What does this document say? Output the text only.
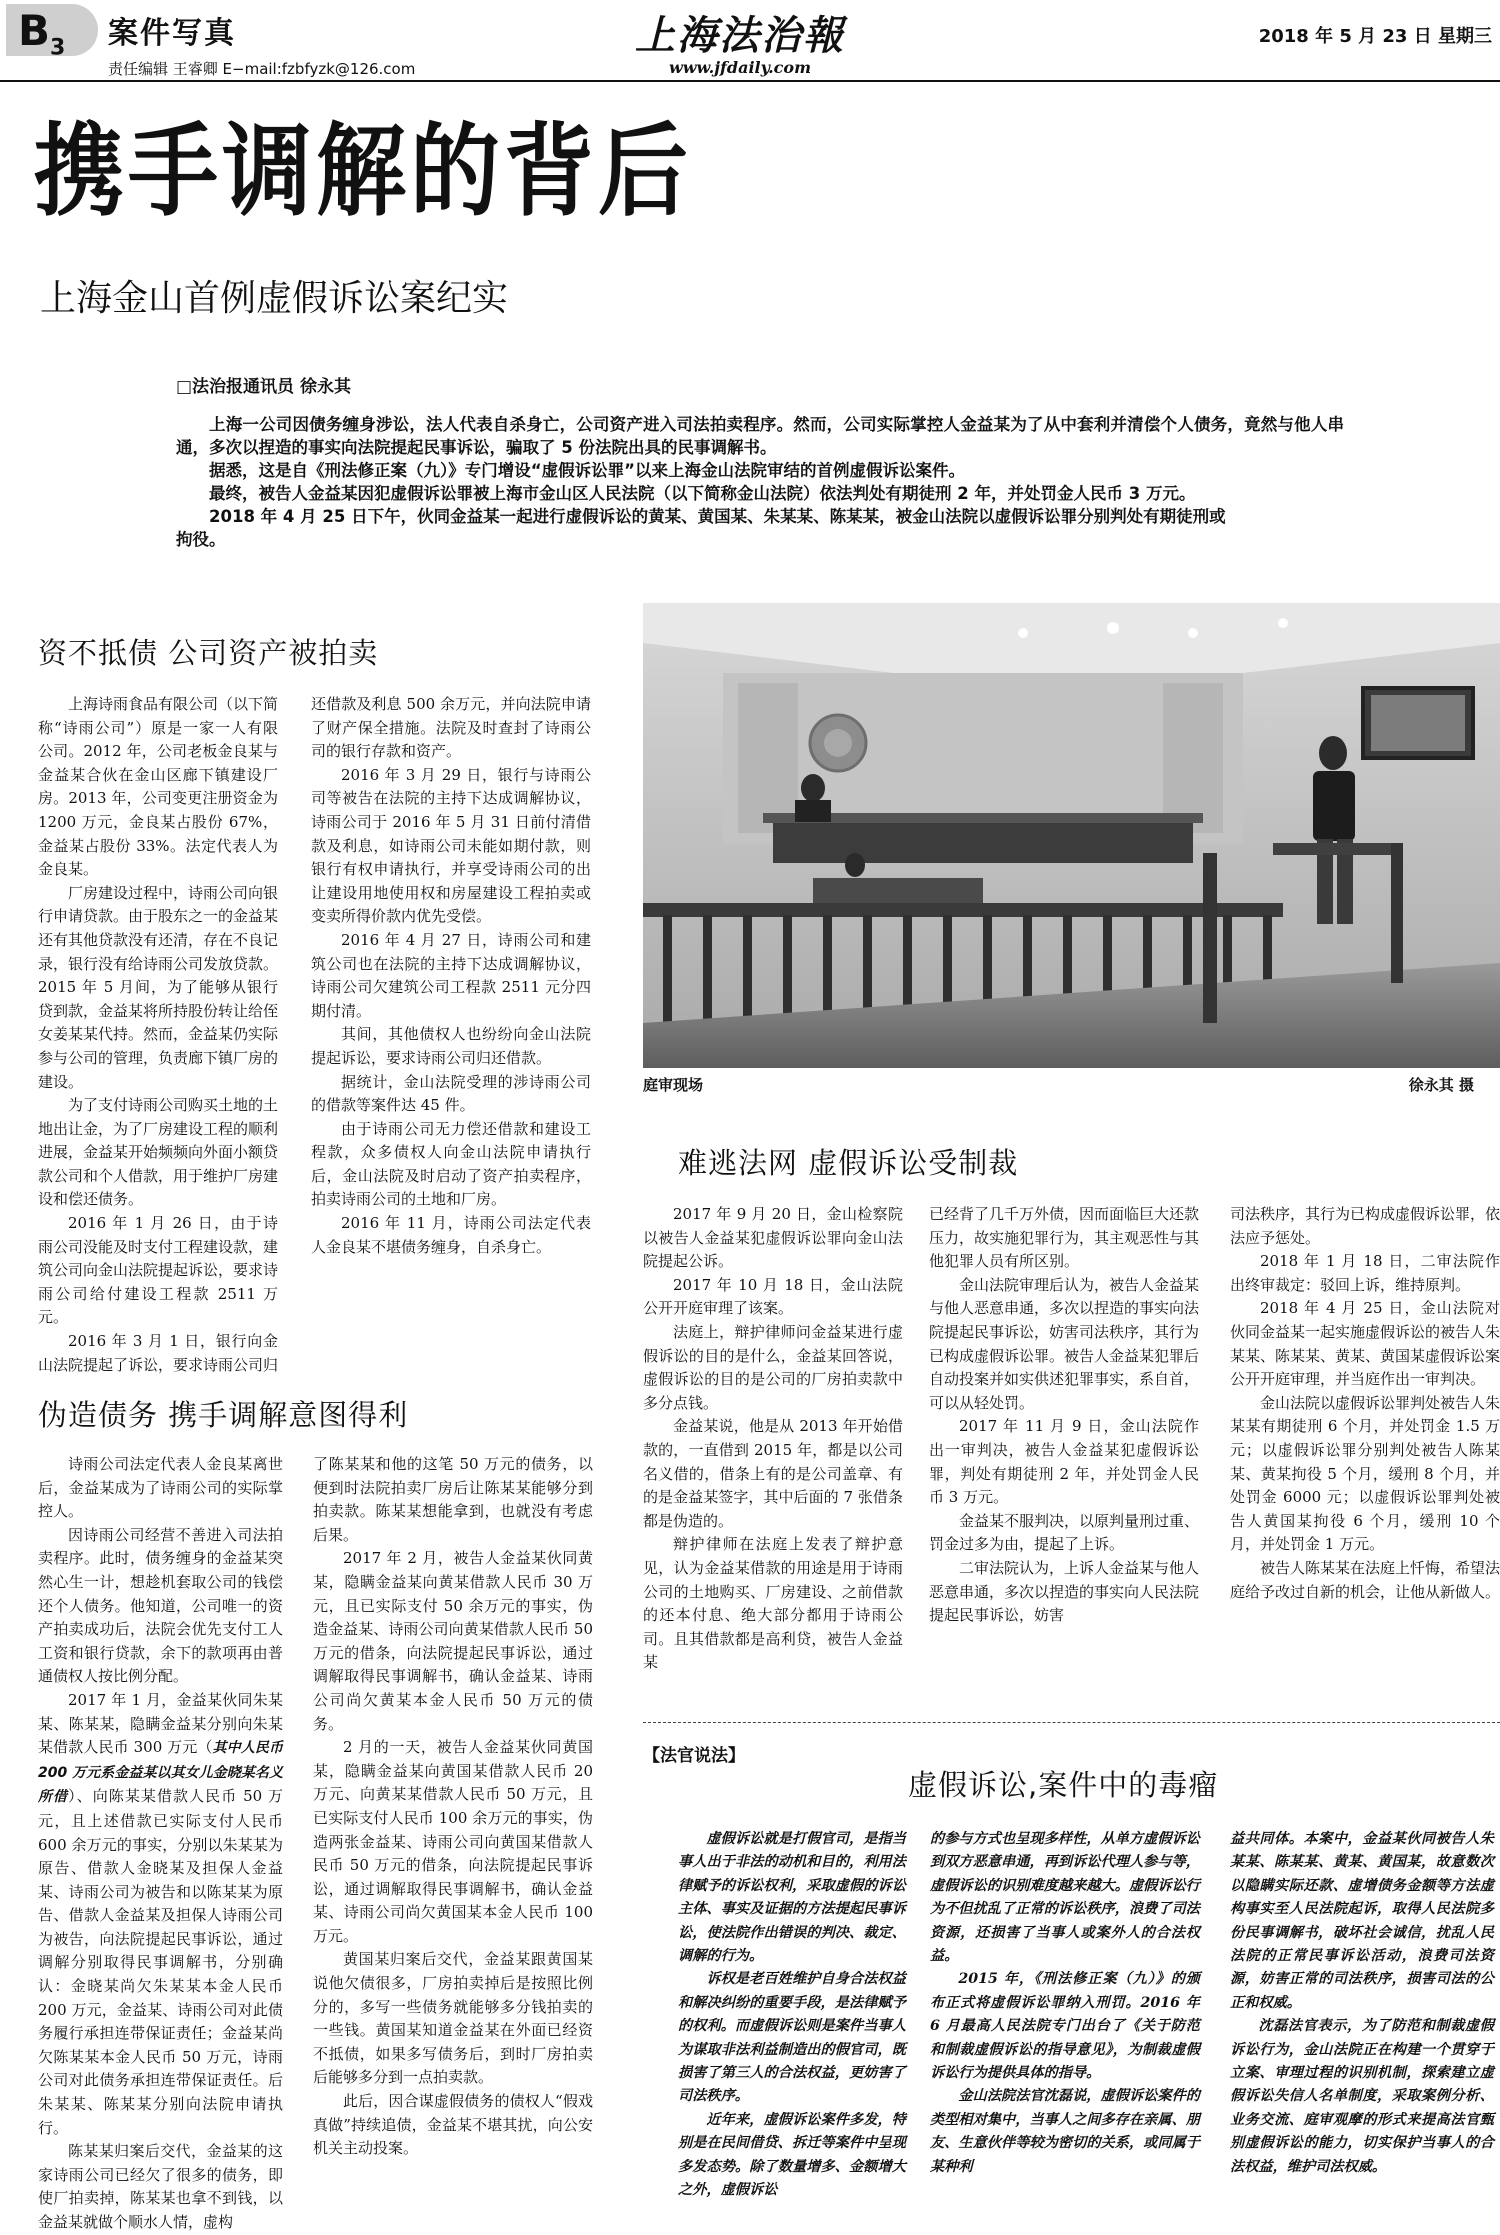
$B_3$ 案件写真
责任编辑 王睿卿 E−mail:fzbfyzk@126.com
上海法治報
www.jfdaily.com
2018 年 5 月 23 日 星期三
携手调解的背后
上海金山首例虚假诉讼案纪实
□法治报通讯员 徐永其

上海一公司因债务缠身涉讼，法人代表自杀身亡，公司资产进入司法拍卖程序。然而，公司实际掌控人金益某为了从中套利并清偿个人债务，竟然与他人串通，多次以捏造的事实向法院提起民事诉讼，骗取了 5 份法院出具的民事调解书。

据悉，这是自《刑法修正案（九）》专门增设“虚假诉讼罪”以来上海金山法院审结的首例虚假诉讼案件。

最终，被告人金益某因犯虚假诉讼罪被上海市金山区人民法院（以下简称金山法院）依法判处有期徒刑 2 年，并处罚金人民币 3 万元。

2018 年 4 月 25 日下午，伙同金益某一起进行虚假诉讼的黄某、黄国某、朱某某、陈某某，被金山法院以虚假诉讼罪分别判处有期徒刑或

拘役。

资不抵债 公司资产被拍卖

上海诗雨食品有限公司（以下简称“诗雨公司”）原是一家一人有限公司。2012 年，公司老板金良某与金益某合伙在金山区廊下镇建设厂房。2013 年，公司变更注册资金为 1200 万元，金良某占股份 67%，金益某占股份 33%。法定代表人为金良某。

厂房建设过程中，诗雨公司向银行申请贷款。由于股东之一的金益某还有其他贷款没有还清，存在不良记录，银行没有给诗雨公司发放贷款。2015 年 5 月间，为了能够从银行贷到款，金益某将所持股份转让给侄女姜某某代持。然而，金益某仍实际参与公司的管理，负责廊下镇厂房的建设。

为了支付诗雨公司购买土地的土地出让金，为了厂房建设工程的顺利进展，金益某开始频频向外面小额贷款公司和个人借款，用于维护厂房建设和偿还债务。

2016 年 1 月 26 日，由于诗雨公司没能及时支付工程建设款，建筑公司向金山法院提起诉讼，要求诗雨公司给付建设工程款 2511 万元。

2016 年 3 月 1 日，银行向金山法院提起了诉讼，要求诗雨公司归

还借款及利息 500 余万元，并向法院申请了财产保全措施。法院及时查封了诗雨公司的银行存款和资产。

2016 年 3 月 29 日，银行与诗雨公司等被告在法院的主持下达成调解协议，诗雨公司于 2016 年 5 月 31 日前付清借款及利息，如诗雨公司未能如期付款，则银行有权申请执行，并享受诗雨公司的出让建设用地使用权和房屋建设工程拍卖或变卖所得价款内优先受偿。

2016 年 4 月 27 日，诗雨公司和建筑公司也在法院的主持下达成调解协议，诗雨公司欠建筑公司工程款 2511 元分四期付清。

其间，其他债权人也纷纷向金山法院提起诉讼，要求诗雨公司归还借款。

据统计，金山法院受理的涉诗雨公司的借款等案件达 45 件。

由于诗雨公司无力偿还借款和建设工程款，众多债权人向金山法院申请执行后，金山法院及时启动了资产拍卖程序，拍卖诗雨公司的土地和厂房。

2016 年 11 月，诗雨公司法定代表人金良某不堪债务缠身，自杀身亡。

庭审现场	徐永其 摄
难逃法网 虚假诉讼受制裁

2017 年 9 月 20 日，金山检察院以被告人金益某犯虚假诉讼罪向金山法院提起公诉。

2017 年 10 月 18 日，金山法院公开开庭审理了该案。

法庭上，辩护律师问金益某进行虚假诉讼的目的是什么，金益某回答说，虚假诉讼的目的是公司的厂房拍卖款中多分点钱。

金益某说，他是从 2013 年开始借款的，一直借到 2015 年，都是以公司名义借的，借条上有的是公司盖章、有的是金益某签字，其中后面的 7 张借条都是伪造的。

辩护律师在法庭上发表了辩护意见，认为金益某借款的用途是用于诗雨公司的土地购买、厂房建设、之前借款的还本付息、绝大部分都用于诗雨公司。且其借款都是高利贷，被告人金益某

已经背了几千万外债，因而面临巨大还款压力，故实施犯罪行为，其主观恶性与其他犯罪人员有所区别。

金山法院审理后认为，被告人金益某与他人恶意串通，多次以捏造的事实向法院提起民事诉讼，妨害司法秩序，其行为已构成虚假诉讼罪。被告人金益某犯罪后自动投案并如实供述犯罪事实，系自首，可以从轻处罚。

2017 年 11 月 9 日，金山法院作出一审判决，被告人金益某犯虚假诉讼罪，判处有期徒刑 2 年，并处罚金人民币 3 万元。

金益某不服判决，以原判量刑过重、罚金过多为由，提起了上诉。

二审法院认为，上诉人金益某与他人恶意串通，多次以捏造的事实向人民法院提起民事诉讼，妨害

司法秩序，其行为已构成虚假诉讼罪，依法应予惩处。

2018 年 1 月 18 日，二审法院作出终审裁定：驳回上诉，维持原判。

2018 年 4 月 25 日，金山法院对伙同金益某一起实施虚假诉讼的被告人朱某某、陈某某、黄某、黄国某虚假诉讼案公开开庭审理，并当庭作出一审判决。

金山法院以虚假诉讼罪判处被告人朱某某有期徒刑 6 个月，并处罚金 1.5 万元；以虚假诉讼罪分别判处被告人陈某某、黄某拘役 5 个月，缓刑 8 个月，并处罚金 6000 元；以虚假诉讼罪判处被告人黄国某拘役 6 个月，缓刑 10 个月，并处罚金 1 万元。

被告人陈某某在法庭上忏悔，希望法庭给予改过自新的机会，让他从新做人。

伪造债务 携手调解意图得利

诗雨公司法定代表人金良某离世后，金益某成为了诗雨公司的实际掌控人。

因诗雨公司经营不善进入司法拍卖程序。此时，债务缠身的金益某突然心生一计，想趁机套取公司的钱偿还个人债务。他知道，公司唯一的资产拍卖成功后，法院会优先支付工人工资和银行贷款，余下的款项再由普通债权人按比例分配。

2017 年 1 月，金益某伙同朱某某、陈某某，隐瞒金益某分别向朱某某借款人民币 300 万元（其中人民币 200 万元系金益某以其女儿金晓某名义所借）、向陈某某借款人民币 50 万元，且上述借款已实际支付人民币 600 余万元的事实，分别以朱某某为原告、借款人金晓某及担保人金益某、诗雨公司为被告和以陈某某为原告、借款人金益某及担保人诗雨公司为被告，向法院提起民事诉讼，通过调解分别取得民事调解书，分别确认：金晓某尚欠朱某某本金人民币 200 万元，金益某、诗雨公司对此债务履行承担连带保证责任；金益某尚欠陈某某本金人民币 50 万元，诗雨公司对此债务承担连带保证责任。后朱某某、陈某某分别向法院申请执行。

陈某某归案后交代，金益某的这家诗雨公司已经欠了很多的债务，即使厂拍卖掉，陈某某也拿不到钱，以金益某就做个顺水人情，虚构

了陈某某和他的这笔 50 万元的债务，以便到时法院拍卖厂房后让陈某某能够分到拍卖款。陈某某想能拿到，也就没有考虑后果。

2017 年 2 月，被告人金益某伙同黄某，隐瞒金益某向黄某借款人民币 30 万元，且已实际支付 50 余万元的事实，伪造金益某、诗雨公司向黄某借款人民币 50 万元的借条，向法院提起民事诉讼，通过调解取得民事调解书，确认金益某、诗雨公司尚欠黄某本金人民币 50 万元的债务。

2 月的一天，被告人金益某伙同黄国某，隐瞒金益某向黄国某借款人民币 20 万元、向黄某某借款人民币 50 万元，且已实际支付人民币 100 余万元的事实，伪造两张金益某、诗雨公司向黄国某借款人民币 50 万元的借条，向法院提起民事诉讼，通过调解取得民事调解书，确认金益某、诗雨公司尚欠黄国某本金人民币 100 万元。

黄国某归案后交代，金益某跟黄国某说他欠债很多，厂房拍卖掉后是按照比例分的，多写一些债务就能够多分钱拍卖的一些钱。黄国某知道金益某在外面已经资不抵债，如果多写债务后，到时厂房拍卖后能够多分到一点拍卖款。

此后，因合谋虚假债务的债权人“假戏真做”持续追债，金益某不堪其扰，向公安机关主动投案。

【法官说法】
虚假诉讼,案件中的毒瘤

虚假诉讼就是打假官司，是指当事人出于非法的动机和目的，利用法律赋予的诉讼权利，采取虚假的诉讼主体、事实及证据的方法提起民事诉讼，使法院作出错误的判决、裁定、调解的行为。

诉权是老百姓维护自身合法权益和解决纠纷的重要手段，是法律赋予的权利。而虚假诉讼则是案件当事人为谋取非法利益制造出的假官司，既损害了第三人的合法权益，更妨害了司法秩序。

近年来，虚假诉讼案件多发，特别是在民间借贷、拆迁等案件中呈现多发态势。除了数量增多、金额增大之外，虚假诉讼

的参与方式也呈现多样性，从单方虚假诉讼到双方恶意串通，再到诉讼代理人参与等，虚假诉讼的识别难度越来越大。虚假诉讼行为不但扰乱了正常的诉讼秩序，浪费了司法资源，还损害了当事人或案外人的合法权益。

2015 年，《刑法修正案（九）》的颁布正式将虚假诉讼罪纳入刑罚。2016 年 6 月最高人民法院专门出台了《关于防范和制裁虚假诉讼的指导意见》，为制裁虚假诉讼行为提供具体的指导。

金山法院法官沈磊说，虚假诉讼案件的类型相对集中，当事人之间多存在亲属、朋友、生意伙伴等较为密切的关系，或同属于某种利

益共同体。本案中，金益某伙同被告人朱某某、陈某某、黄某、黄国某，故意数次以隐瞒实际还款、虚增债务金额等方法虚构事实至人民法院起诉，取得人民法院多份民事调解书，破坏社会诚信，扰乱人民法院的正常民事诉讼活动，浪费司法资源，妨害正常的司法秩序，损害司法的公正和权威。

沈磊法官表示，为了防范和制裁虚假诉讼行为，金山法院正在构建一个贯穿于立案、审理过程的识别机制，探索建立虚假诉讼失信人名单制度，采取案例分析、业务交流、庭审观摩的形式来提高法官甄别虚假诉讼的能力，切实保护当事人的合法权益，维护司法权威。
